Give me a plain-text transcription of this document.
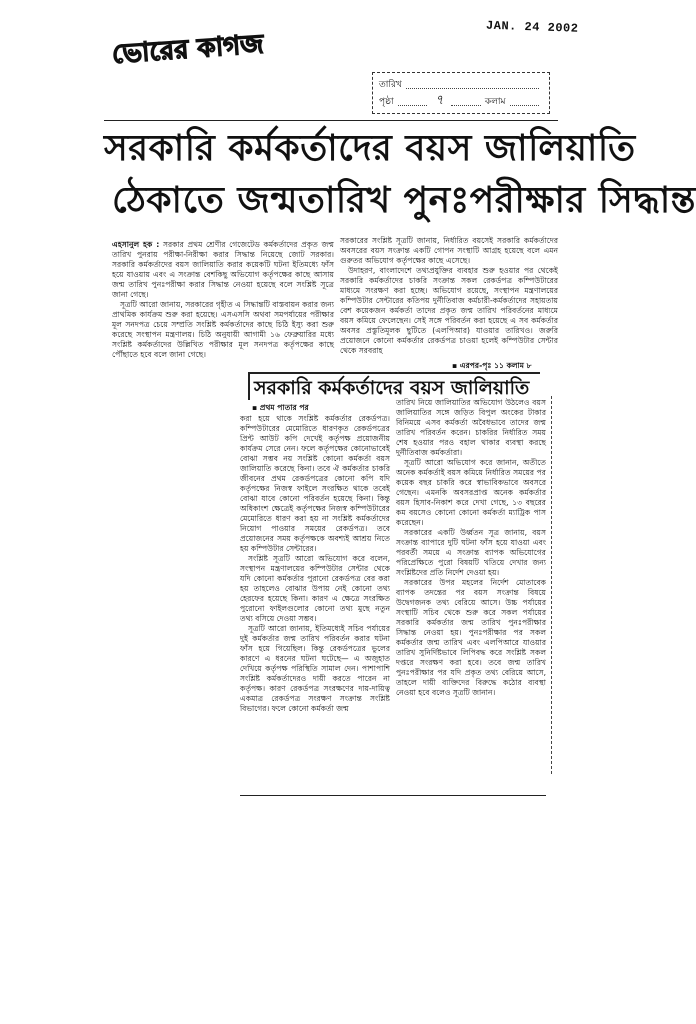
ভোরের কাগজ
JAN. 24 2002
তারিখ
পৃষ্ঠা	৭	কলাম
সরকারি কর্মকর্তাদের বয়স জালিয়াতি
ঠেকাতে জন্মতারিখ পুনঃপরীক্ষার সিদ্ধান্ত

এহসানুল হক : সরকার প্রথম শ্রেণীর গেজেটেড কর্মকর্তাদের প্রকৃত জন্ম তারিখ পুনরায় পরীক্ষা-নিরীক্ষা করার সিদ্ধান্ত নিয়েছে জোট সরকার। সরকারি কর্মকর্তাদের বয়স জালিয়াতি করার কয়েকটি ঘটনা ইতিমধ্যে ফাঁস হয়ে যাওয়ায় এবং এ সংক্রান্ত বেশকিছু অভিযোগ কর্তৃপক্ষের কাছে আসায় জন্ম তারিখ পুনঃপরীক্ষা করার সিদ্ধান্ত নেওয়া হয়েছে বলে সংশ্লিষ্ট সূত্রে জানা গেছে।

সূত্রটি আরো জানায়, সরকারের গৃহীত এ সিদ্ধান্তটি বাস্তবায়ন করার জন্য প্রাথমিক কার্যক্রম শুরু করা হয়েছে। এসএসসি অথবা সমপর্যায়ের পরীক্ষার মূল সনদপত্র চেয়ে সম্প্রতি সংশ্লিষ্ট কর্মকর্তাদের কাছে চিঠি ইস্যু করা শুরু করেছে সংস্থাপন মন্ত্রণালয়। চিঠি অনুযায়ী আগামী ১৬ ফেব্রুয়ারির মধ্যে সংশ্লিষ্ট কর্মকর্তাদের উল্লিখিত পরীক্ষার মূল সনদপত্র কর্তৃপক্ষের কাছে পৌঁছাতে হবে বলে জানা গেছে।

সরকারের সংশ্লিষ্ট সূত্রটি জানায়, নির্ধারিত বয়সেই সরকারি কর্মকর্তাদের অবসরের বয়স সংক্রান্ত একটি গোপন সংস্থাটি আগ্রহ হয়েছে বলে এমন গুরুতর অভিযোগ কর্তৃপক্ষের কাছে এসেছে।

উদাহরণ, বাংলাদেশে তথ্যপ্রযুক্তির ব্যবহার শুরু হওয়ার পর থেকেই সরকারি কর্মকর্তাদের চাকরি সংক্রান্ত সকল রেকর্ডপত্র কম্পিউটারের মাধ্যমে সংরক্ষণ করা হচ্ছে। অভিযোগ রয়েছে, সংস্থাপন মন্ত্রণালয়ের কম্পিউটার সেন্টারের কতিপয় দুর্নীতিবাজ কর্মচারী-কর্মকর্তাদের সহায়তায় বেশ কয়েকজন কর্মকর্তা তাদের প্রকৃত জন্ম তারিখ পরিবর্তনের মাধ্যমে বয়স কমিয়ে ফেলেছেন। সেই সঙ্গে পরিবর্তন করা হয়েছে এ সব কর্মকর্তার অবসর প্রস্তুতিমূলক ছুটিতে (এলপিআর) যাওয়ার তারিখও। জরুরি প্রয়োজনে কোনো কর্মকর্তার রেকর্ডপত্র চাওয়া হলেই কম্পিউটার সেন্টার থেকে সরবরাহ

▪ এরপর-পৃঃ ১১ কলাম ৮
সরকারি কর্মকর্তাদের বয়স জালিয়াতি
▪ প্রথম পাতার পর

করা হয়ে থাকে সংশ্লিষ্ট কর্মকর্তার রেকর্ডপত্র। কম্পিউটারের মেমোরিতে ধারণকৃত রেকর্ডপত্রের প্রিন্ট আউট কপি দেখেই কর্তৃপক্ষ প্রয়োজনীয় কার্যক্রম সেরে নেন। ফলে কর্তৃপক্ষের কোনোভাবেই বোঝা সম্ভব নয় সংশ্লিষ্ট কোনো কর্মকর্তা বয়স জালিয়াতি করেছে কিনা। তবে ঐ কর্মকর্তার চাকরি জীবনের প্রথম রেকর্ডপত্রের কোনো কপি যদি কর্তৃপক্ষের নিজস্ব ফাইলে সংরক্ষিত থাকে তবেই বোঝা যাবে কোনো পরিবর্তন হয়েছে কিনা। কিন্তু অধিকাংশ ক্ষেত্রেই কর্তৃপক্ষের নিজস্ব কম্পিউটারের মেমোরিতে ধারণ করা হয় না সংশ্লিষ্ট কর্মকর্তাদের নিয়োগ পাওয়ার সময়ের রেকর্ডপত্র। তবে প্রয়োজনের সময় কর্তৃপক্ষকে অবশ্যই আশ্রয় নিতে হয় কম্পিউটার সেন্টারের।

সংশ্লিষ্ট সূত্রটি আরো অভিযোগ করে বলেন, সংস্থাপন মন্ত্রণালয়ের কম্পিউটার সেন্টার থেকে যদি কোনো কর্মকর্তার পুরানো রেকর্ডপত্র বের করা হয় তাহলেও বোঝার উপায় নেই কোনো তথ্য হেরফের হয়েছে কিনা। কারণ এ ক্ষেত্রে সংরক্ষিত পুরোনো ফাইলগুলোর কোনো তথ্য মুছে নতুন তথ্য বসিয়ে দেওয়া সম্ভব।

সূত্রটি আরো জানায়, ইতিমধ্যেই সচিব পর্যায়ের দুই কর্মকর্তার জন্ম তারিখ পরিবর্তন করার ঘটনা ফাঁস হয়ে গিয়েছিল। কিন্তু রেকর্ডপত্রের ভুলের কারণে এ ধরনের ঘটনা ঘটেছে— এ অজুহাত দেখিয়ে কর্তৃপক্ষ পরিস্থিতি সামাল দেন। পাশাপাশি সংশ্লিষ্ট কর্মকর্তাদেরও দায়ী করতে পারেন না কর্তৃপক্ষ। কারণ রেকর্ডপত্র সংরক্ষণের দায়-দায়িত্ব একমাত্র রেকর্ডপত্র সংরক্ষণ সংক্রান্ত সংশ্লিষ্ট বিভাগের। ফলে কোনো কর্মকর্তা জন্ম

তারিখ নিয়ে জালিয়াতির অভিযোগ উঠলেও বয়স জালিয়াতির সঙ্গে জড়িত বিপুল অংকের টাকার বিনিময়ে এসব কর্মকর্তা অবৈধভাবে তাদের জন্ম তারিখ পরিবর্তন করেন। চাকরির নির্ধারিত সময় শেষ হওয়ার পরও বহাল থাকার ব্যবস্থা করছে দুর্নীতিবাজ কর্মকর্তারা।

সূত্রটি আরো অভিযোগ করে জানান, অতীতে অনেক কর্মকর্তাই বয়স কমিয়ে নির্ধারিত সময়ের পর কয়েক বছর চাকরি করে স্বাভাবিকভাবে অবসরে গেছেন। এমনকি অবসরপ্রাপ্ত অনেক কর্মকর্তার বয়স হিসাব-নিকাশ করে দেখা গেছে, ১৩ বছরের কম বয়সেও কোনো কোনো কর্মকর্তা ম্যাট্রিক পাস করেছেন।

সরকারের একটি উর্ধ্বতন সূত্র জানায়, বয়স সংক্রান্ত ব্যাপারে দুটি ঘটনা ফাঁস হয়ে যাওয়া এবং পরবর্তী সময়ে এ সংক্রান্ত ব্যাপক অভিযোগের পরিপ্রেক্ষিতে পুরো বিষয়টি খতিয়ে দেখার জন্য সংশ্লিষ্টদের প্রতি নির্দেশ দেওয়া হয়।

সরকারের উপর মহলের নির্দেশ মোতাবেক ব্যাপক তদন্তের পর বয়স সংক্রান্ত বিষয়ে উদ্বেগজনক তথ্য বেরিয়ে আসে। উচ্চ পর্যায়ের সংস্থাটি সচিব থেকে শুরু করে সকল পর্যায়ের সরকারি কর্মকর্তার জন্ম তারিখ পুনঃপরীক্ষার সিদ্ধান্ত নেওয়া হয়। পুনঃপরীক্ষার পর সকল কর্মকর্তার জন্ম তারিখ এবং এলপিআরে যাওয়ার তারিখ সুনির্দিষ্টভাবে লিপিবদ্ধ করে সংশ্লিষ্ট সকল দপ্তরে সংরক্ষণ করা হবে। তবে জন্ম তারিখ পুনঃপরীক্ষার পর যদি প্রকৃত তথ্য বেরিয়ে আসে, তাহলে দায়ী ব্যক্তিদের বিরুদ্ধে কঠোর ব্যবস্থা নেওয়া হবে বলেও সূত্রটি জানান।
